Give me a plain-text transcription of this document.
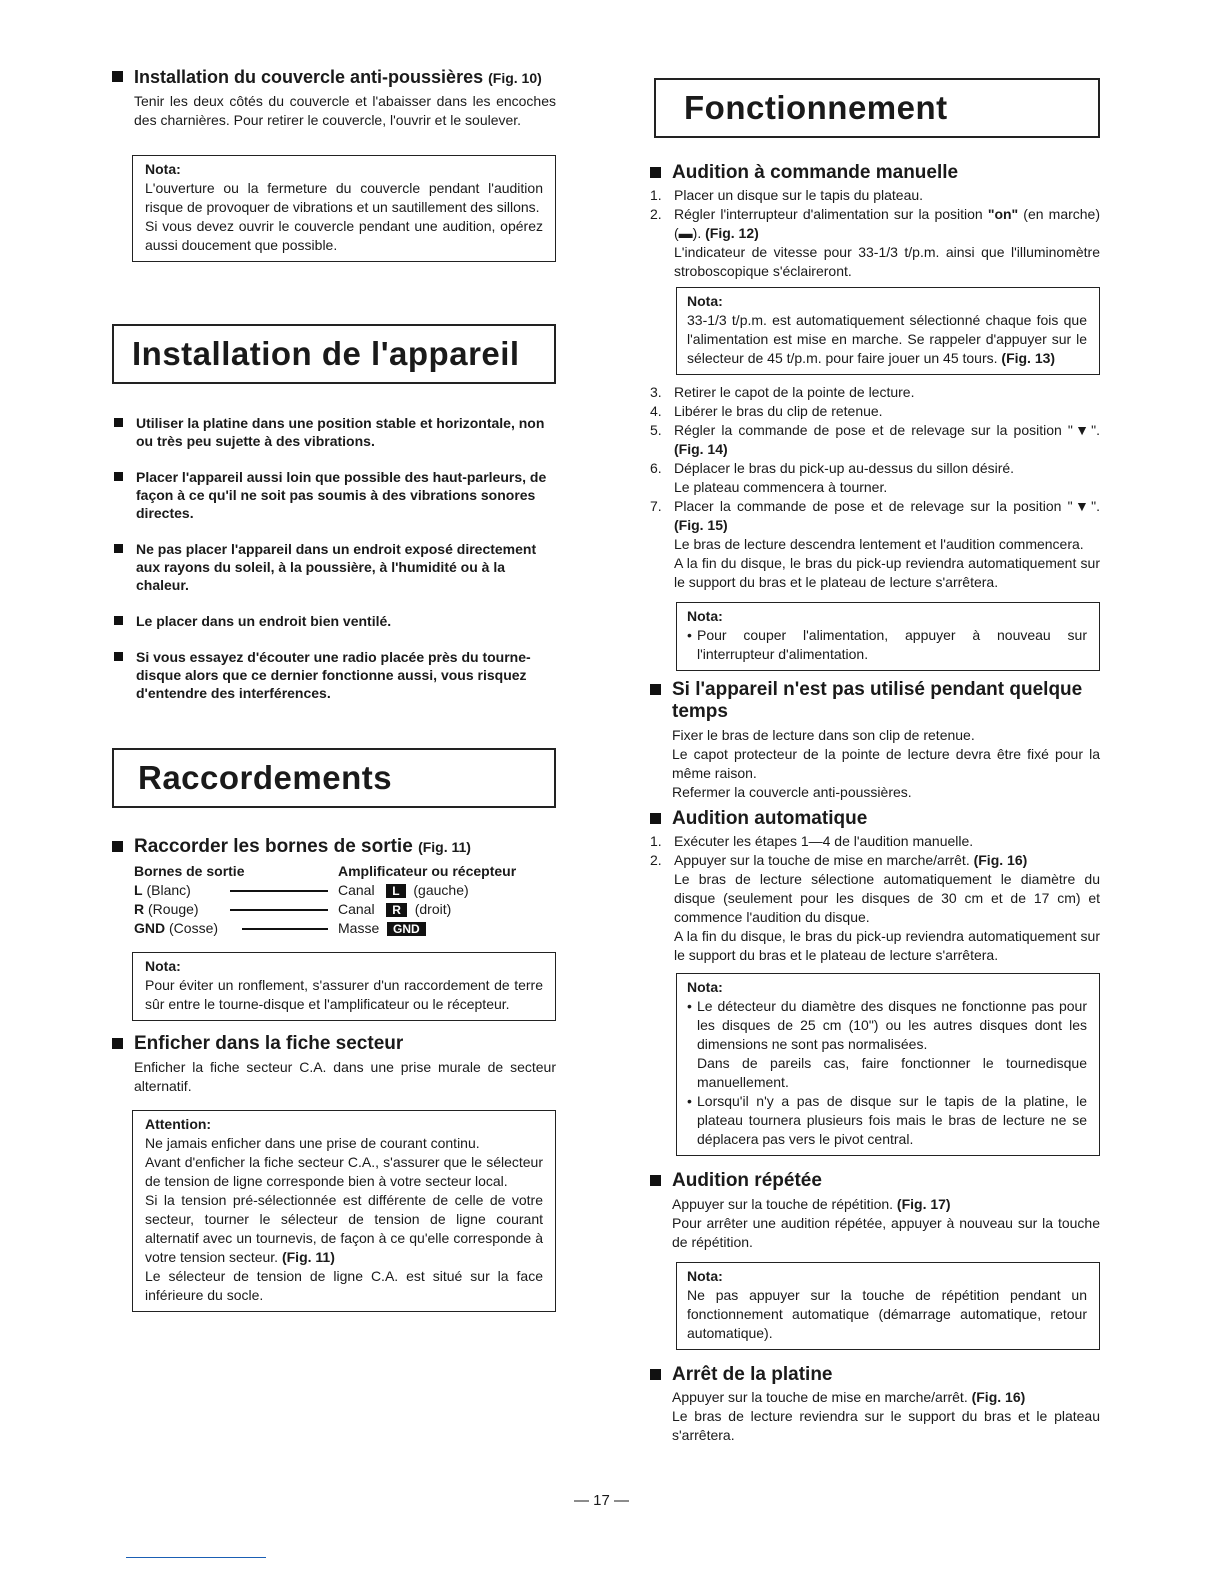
Installation du couvercle anti-poussières (Fig. 10)

Tenir les deux côtés du couvercle et l'abaisser dans les encoches des charnières. Pour retirer le couvercle, l'ouvrir et le soulever.

Nota:

L'ouverture ou la fermeture du couvercle pendant l'audition risque de provoquer de vibrations et un sautillement des sillons.

Si vous devez ouvrir le couvercle pendant une audition, opérez aussi doucement que possible.

Installation de l'appareil

Utiliser la platine dans une position stable et horizontale, non ou très peu sujette à des vibrations.

Placer l'appareil aussi loin que possible des haut-parleurs, de façon à ce qu'il ne soit pas soumis à des vibrations sonores directes.

Ne pas placer l'appareil dans un endroit exposé directement aux rayons du soleil, à la poussière, à l'humidité ou à la chaleur.

Le placer dans un endroit bien ventilé.

Si vous essayez d'écouter une radio placée près du tourne-disque alors que ce dernier fonctionne aussi, vous risquez d'entendre des interférences.

Raccordements

Raccorder les bornes de sortie (Fig. 11)

Bornes de sortie	Amplificateur ou récepteur
L (Blanc)	Canal L (gauche)
R (Rouge)	Canal R (droit)
GND (Cosse)	Masse GND

Nota:

Pour éviter un ronflement, s'assurer d'un raccordement de terre sûr entre le tourne-disque et l'amplificateur ou le récepteur.

Enficher dans la fiche secteur

Enficher la fiche secteur C.A. dans une prise murale de secteur alternatif.

Attention:

Ne jamais enficher dans une prise de courant continu.

Avant d'enficher la fiche secteur C.A., s'assurer que le sélecteur de tension de ligne corresponde bien à votre secteur local.

Si la tension pré-sélectionnée est différente de celle de votre secteur, tourner le sélecteur de tension de ligne courant alternatif avec un tournevis, de façon à ce qu'elle corresponde à votre tension secteur. (Fig. 11)

Le sélecteur de tension de ligne C.A. est situé sur la face inférieure du socle.

Fonctionnement

Audition à commande manuelle

1. Placer un disque sur le tapis du plateau.
2. Régler l'interrupteur d'alimentation sur la position "on" (en marche) (▬). (Fig. 12)
L'indicateur de vitesse pour 33-1/3 t/p.m. ainsi que l'illuminomètre stroboscopique s'éclaireront.

Nota:

33-1/3 t/p.m. est automatiquement sélectionné chaque fois que l'alimentation est mise en marche. Se rappeler d'appuyer sur le sélecteur de 45 t/p.m. pour faire jouer un 45 tours. (Fig. 13)

3. Retirer le capot de la pointe de lecture.
4. Libérer le bras du clip de retenue.
5. Régler la commande de pose et de relevage sur la position "▼". (Fig. 14)
6. Déplacer le bras du pick-up au-dessus du sillon désiré.
Le plateau commencera à tourner.
7. Placer la commande de pose et de relevage sur la position "▼". (Fig. 15)
Le bras de lecture descendra lentement et l'audition commencera.
A la fin du disque, le bras du pick-up reviendra automatiquement sur le support du bras et le plateau de lecture s'arrêtera.

Nota:

• Pour couper l'alimentation, appuyer à nouveau sur l'interrupteur d'alimentation.

Si l'appareil n'est pas utilisé pendant quelque temps

Fixer le bras de lecture dans son clip de retenue.

Le capot protecteur de la pointe de lecture devra être fixé pour la même raison.

Refermer la couvercle anti-poussières.

Audition automatique

1. Exécuter les étapes 1—4 de l'audition manuelle.
2. Appuyer sur la touche de mise en marche/arrêt. (Fig. 16)
Le bras de lecture sélectione automatiquement le diamètre du disque (seulement pour les disques de 30 cm et de 17 cm) et commence l'audition du disque.
A la fin du disque, le bras du pick-up reviendra automatiquement sur le support du bras et le plateau de lecture s'arrêtera.

Nota:

• Le détecteur du diamètre des disques ne fonctionne pas pour les disques de 25 cm (10") ou les autres disques dont les dimensions ne sont pas normalisées.

Dans de pareils cas, faire fonctionner le tournedisque manuellement.

• Lorsqu'il n'y a pas de disque sur le tapis de la platine, le plateau tournera plusieurs fois mais le bras de lecture ne se déplacera pas vers le pivot central.

Audition répétée

Appuyer sur la touche de répétition. (Fig. 17)

Pour arrêter une audition répétée, appuyer à nouveau sur la touche de répétition.

Nota:

Ne pas appuyer sur la touche de répétition pendant un fonctionnement automatique (démarrage automatique, retour automatique).

Arrêt de la platine

Appuyer sur la touche de mise en marche/arrêt. (Fig. 16)

Le bras de lecture reviendra sur le support du bras et le plateau s'arrêtera.

— 17 —
